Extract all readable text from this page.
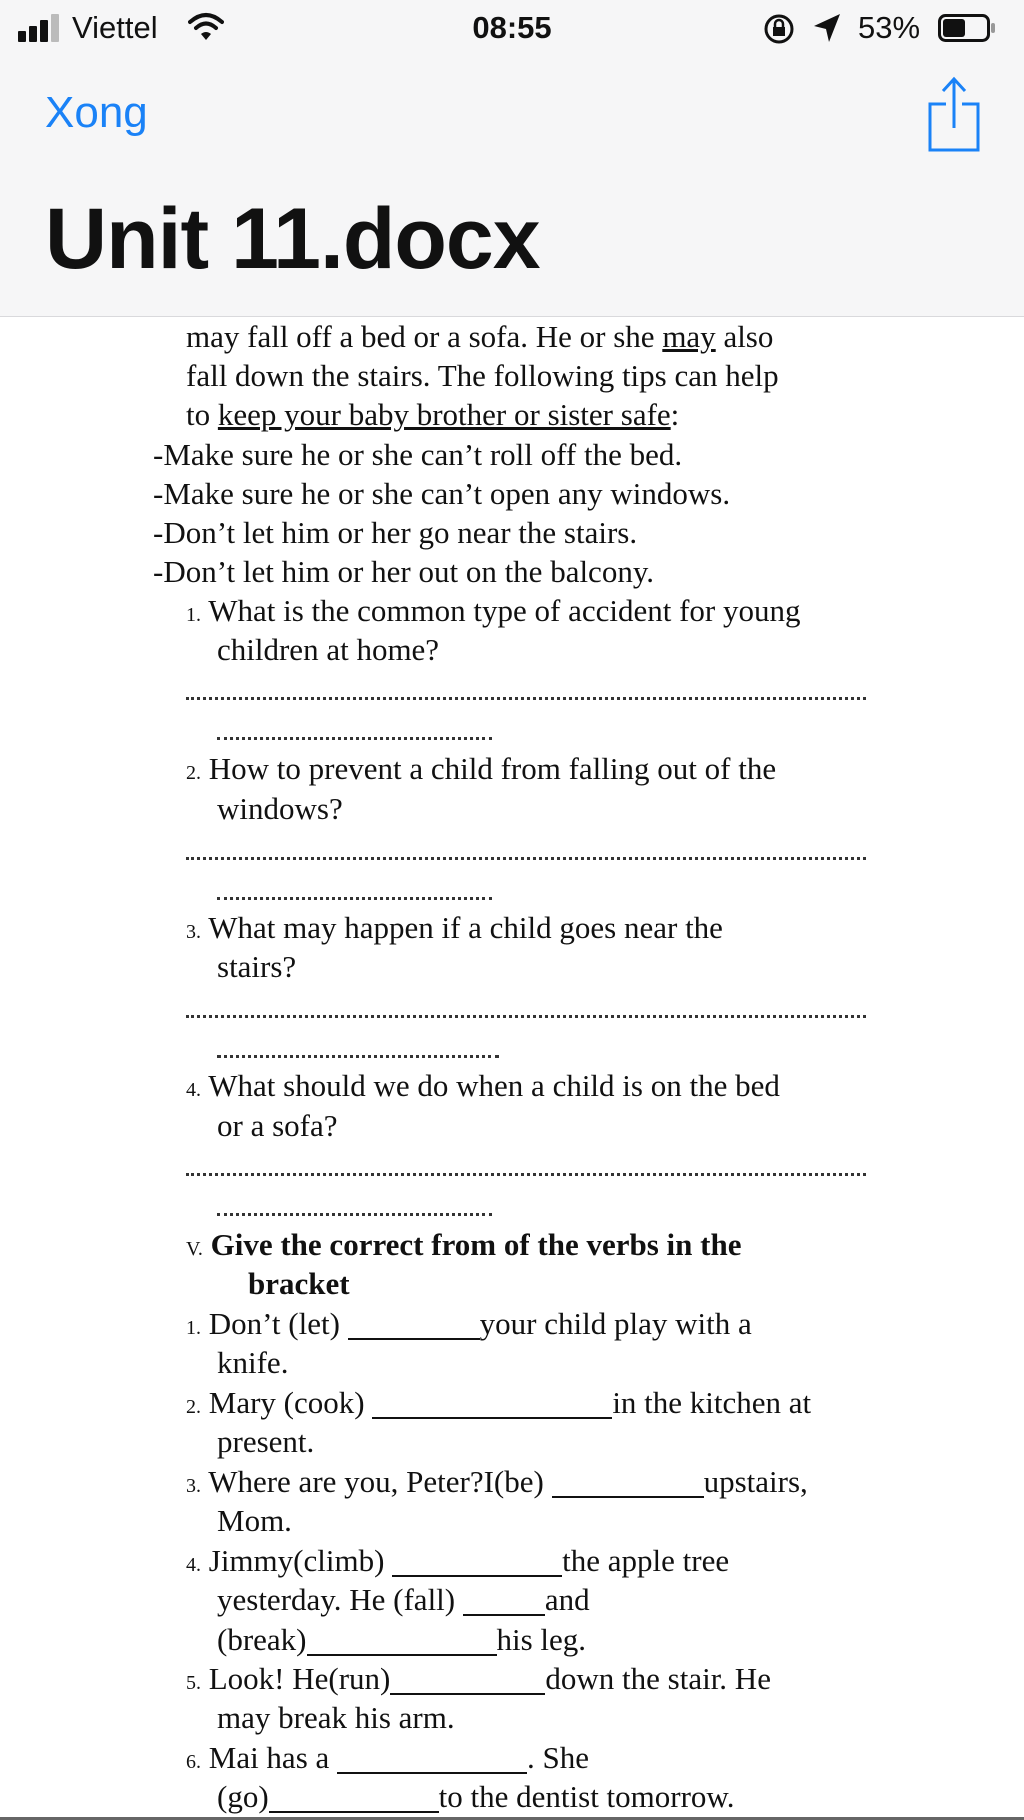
Viettel	08:55	53%
Xong
Unit 11.docx
may fall off a bed or a sofa. He or she may also
fall down the stairs. The following tips can help
to keep your baby brother or sister safe:
-Make sure he or she can’t roll off the bed.
-Make sure he or she can’t open any windows.
-Don’t let him or her go near the stairs.
-Don’t let him or her out on the balcony.
1. What is the common type of accident for young
children at home?
2. How to prevent a child from falling out of the
windows?
3. What may happen if a child goes near the
stairs?
4. What should we do when a child is on the bed
or a sofa?
V. Give the correct from of the verbs in the
bracket
1. Don’t (let)	your child play with a
knife.
2. Mary (cook)	in the kitchen at
present.
3. Where are you, Peter?I(be)	upstairs,
Mom.
4. Jimmy(climb)	the apple tree
yesterday. He (fall)	and
(break)	his leg.
5. Look! He(run)	down the stair. He
may break his arm.
6. Mai has a	. She
(go)	to the dentist tomorrow.
